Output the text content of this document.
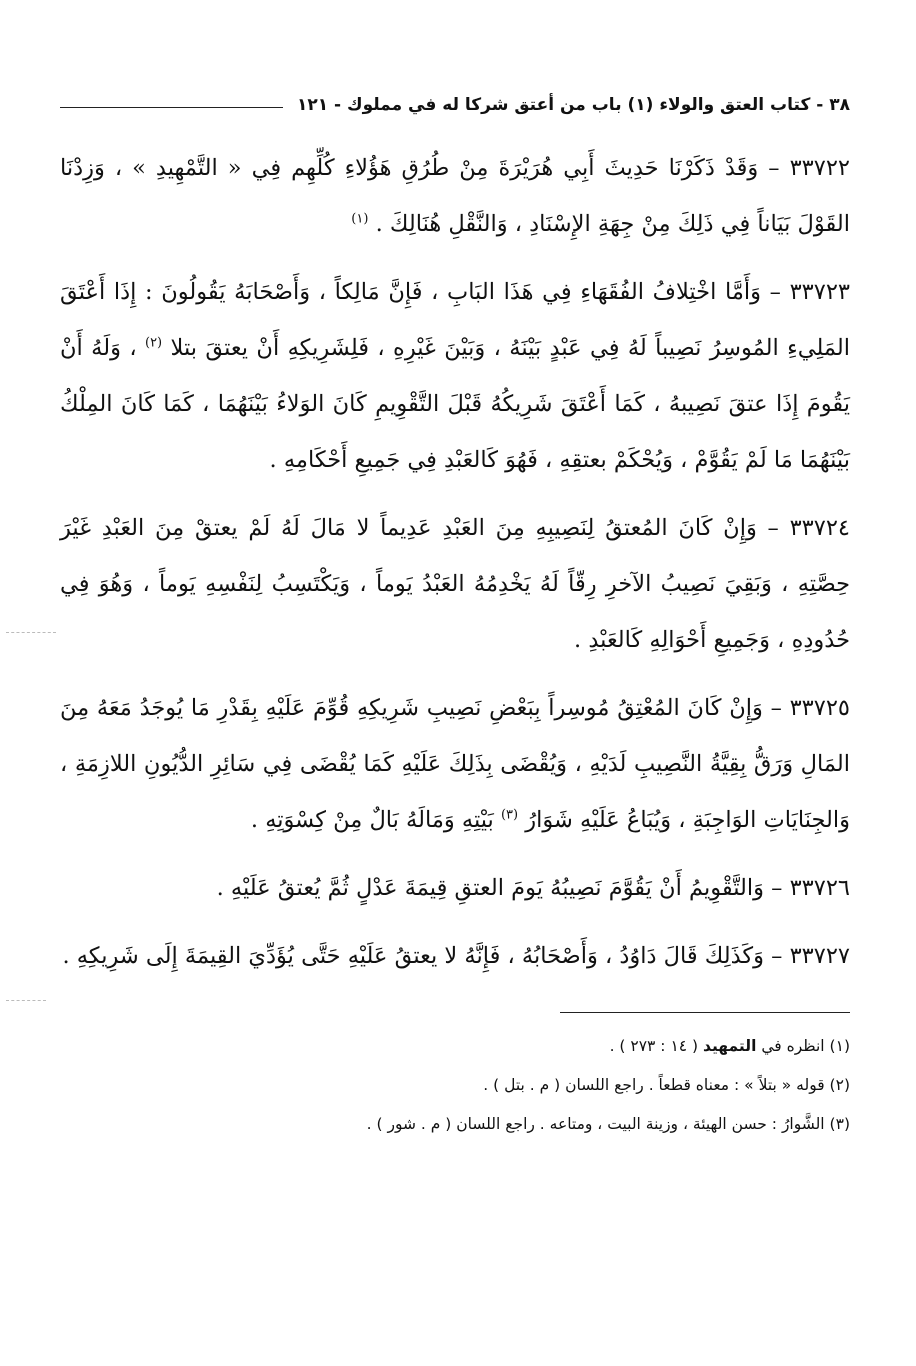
٣٨ - كتاب العتق والولاء (١) باب من أعتق شركا له في مملوك - ١٢١

٣٣٧٢٢ – وَقَدْ ذَكَرْنَا حَدِيثَ أَبِي هُرَيْرَةَ مِنْ طُرُقِ هَؤُلاءِ كُلِّهِم فِي « التَّمْهِيدِ » ، وَزِدْنَا القَوْلَ بَيَاناً فِي ذَلِكَ مِنْ جِهَةِ الإِسْنَادِ ، وَالنَّقْلِ هُنَالِكَ . $^{(١)}$

٣٣٧٢٣ – وَأَمَّا اخْتِلافُ الفُقَهَاءِ فِي هَذَا البَابِ ، فَإِنَّ مَالِكاً ، وَأَصْحَابَهُ يَقُولُونَ : إِذَا أَعْتَقَ المَلِيءِ المُوسِرُ نَصِيباً لَهُ فِي عَبْدٍ بَيْنَهُ ، وَبَيْنَ غَيْرِهِ ، فَلِشَرِيكِهِ أَنْ يعتقَ بتلا $^{(٢)}$ ، وَلَهُ أَنْ يَقُومَ إِذَا عتقَ نَصِيبهُ ، كَمَا أَعْتَقَ شَرِيكُهُ قَبْلَ التَّقْوِيمِ كَانَ الوَلاءُ بَيْنَهُمَا ، كَمَا كَانَ المِلْكُ بَيْنَهُمَا مَا لَمْ يَقُوَّمْ ، وَيُحْكَمْ بعتقِهِ ، فَهُوَ كَالعَبْدِ فِي جَمِيعِ أَحْكَامِهِ .

٣٣٧٢٤ – وَإِنْ كَانَ المُعتقُ لِنَصِيبِهِ مِنَ العَبْدِ عَدِيماً لا مَالَ لَهُ لَمْ يعتقْ مِنَ العَبْدِ غَيْرَ حِصَّتِهِ ، وَبَقِيَ نَصِيبُ الآخرِ رِقّاً لَهُ يَخْدِمُهُ العَبْدُ يَوماً ، وَيَكْتَسِبُ لِنَفْسِهِ يَوماً ، وَهُوَ فِي حُدُودِهِ ، وَجَمِيعِ أَحْوَالِهِ كَالعَبْدِ .

٣٣٧٢٥ – وَإِنْ كَانَ المُعْتِقُ مُوسِراً بِبَعْضِ نَصِيبِ شَرِيكِهِ قُوِّمَ عَلَيْهِ بِقَدْرِ مَا يُوجَدُ مَعَهُ مِنَ المَالِ وَرَقُّ بِقِيَّةُ النَّصِيبِ لَدَيْهِ ، وَيُقْضَى بِذَلِكَ عَلَيْهِ كَمَا يُقْضَى فِي سَائِرِ الدُّيُونِ اللازِمَةِ ، وَالجِنَايَاتِ الوَاجِبَةِ ، وَيُبَاعُ عَلَيْهِ شَوَارُ $^{(٣)}$ بَيْتِهِ وَمَالَهُ بَالٌ مِنْ كِسْوَتِهِ .

٣٣٧٢٦ – وَالتَّقْوِيمُ أَنْ يَقُوَّمَ نَصِيبُهُ يَومَ العتقِ قِيمَةَ عَدْلٍ ثُمَّ يُعتقُ عَلَيْهِ .

٣٣٧٢٧ – وَكَذَلِكَ قَالَ دَاوُدُ ، وَأَصْحَابُهُ ، فَإِنَّهُ لا يعتقُ عَلَيْهِ حَتَّى يُؤَدِّيَ القِيمَةَ إِلَى شَرِيكِهِ .

(١) انظره في التمهيد ( ١٤ : ٢٧٣ ) .

(٢) قوله « بتلاً » : معناه قطعاً . راجع اللسان ( م . بتل ) .

(٣) الشَّوارُ : حسن الهيئة ، وزينة البيت ، ومتاعه . راجع اللسان ( م . شور ) .
